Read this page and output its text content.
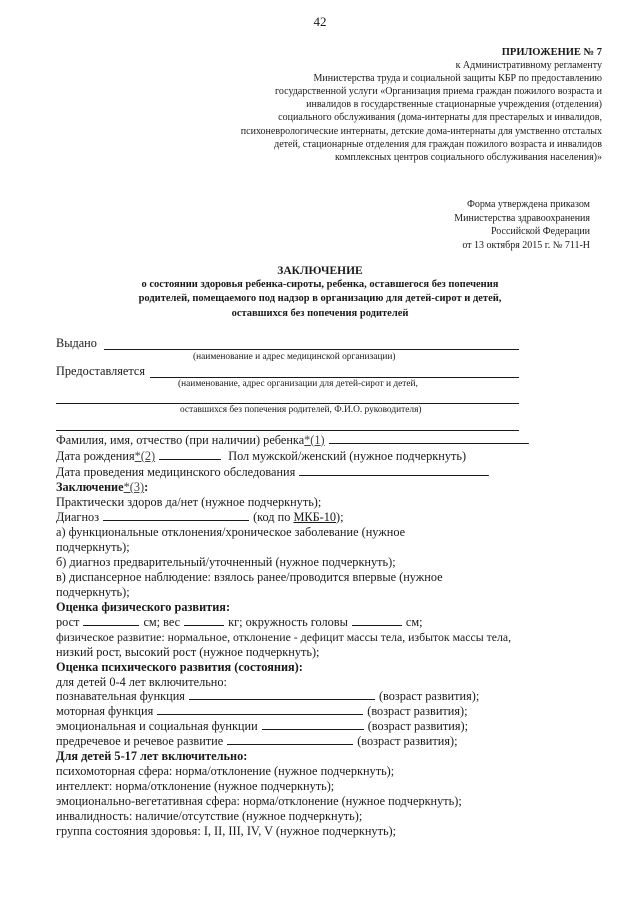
42
ПРИЛОЖЕНИЕ № 7
к Административному регламенту
Министерства труда и социальной защиты КБР по предоставлению
государственной услуги «Организация приема граждан пожилого возраста и
инвалидов в государственные стационарные учреждения (отделения)
социального обслуживания (дома-интернаты для престарелых и инвалидов,
психоневрологические интернаты, детские дома-интернаты для умственно отсталых
детей, стационарные отделения для граждан пожилого возраста и инвалидов
комплексных центров социального обслуживания населения)»
Форма утверждена приказом
Министерства здравоохранения
Российской Федерации
от 13 октября 2015 г. № 711-Н
ЗАКЛЮЧЕНИЕ
о состоянии здоровья ребенка-сироты, ребенка, оставшегося без попечения
родителей, помещаемого под надзор в организацию для детей-сирот и детей,
оставшихся без попечения родителей
Выдано
(наименование и адрес медицинской организации)
Предоставляется
(наименование, адрес организации для детей-сирот и детей,
оставшихся без попечения родителей, Ф.И.О. руководителя)
Фамилия, имя, отчество (при наличии) ребенка*(1)
Дата рождения*(2)	Пол мужской/женский (нужное подчеркнуть)
Дата проведения медицинского обследования
Заключение*(3):
Практически здоров да/нет (нужное подчеркнуть);
Диагноз	(код по МКБ-10);
а) функциональные отклонения/хроническое заболевание (нужное
подчеркнуть);
б) диагноз предварительный/уточненный (нужное подчеркнуть);
в) диспансерное наблюдение: взялось ранее/проводится впервые (нужное
подчеркнуть);
Оценка физического развития:
рост	см; вес	кг; окружность головы	см;
физическое развитие: нормальное, отклонение - дефицит массы тела, избыток массы тела,
низкий рост, высокий рост (нужное подчеркнуть);
Оценка психического развития (состояния):
для детей 0-4 лет включительно:
познавательная функция	(возраст развития);
моторная функция	(возраст развития);
эмоциональная и социальная функции	(возраст развития);
предречевое и речевое развитие	(возраст развития);
Для детей 5-17 лет включительно:
психомоторная сфера: норма/отклонение (нужное подчеркнуть);
интеллект: норма/отклонение (нужное подчеркнуть);
эмоционально-вегетативная сфера: норма/отклонение (нужное подчеркнуть);
инвалидность: наличие/отсутствие (нужное подчеркнуть);
группа состояния здоровья: I, II, III, IV, V (нужное подчеркнуть);
